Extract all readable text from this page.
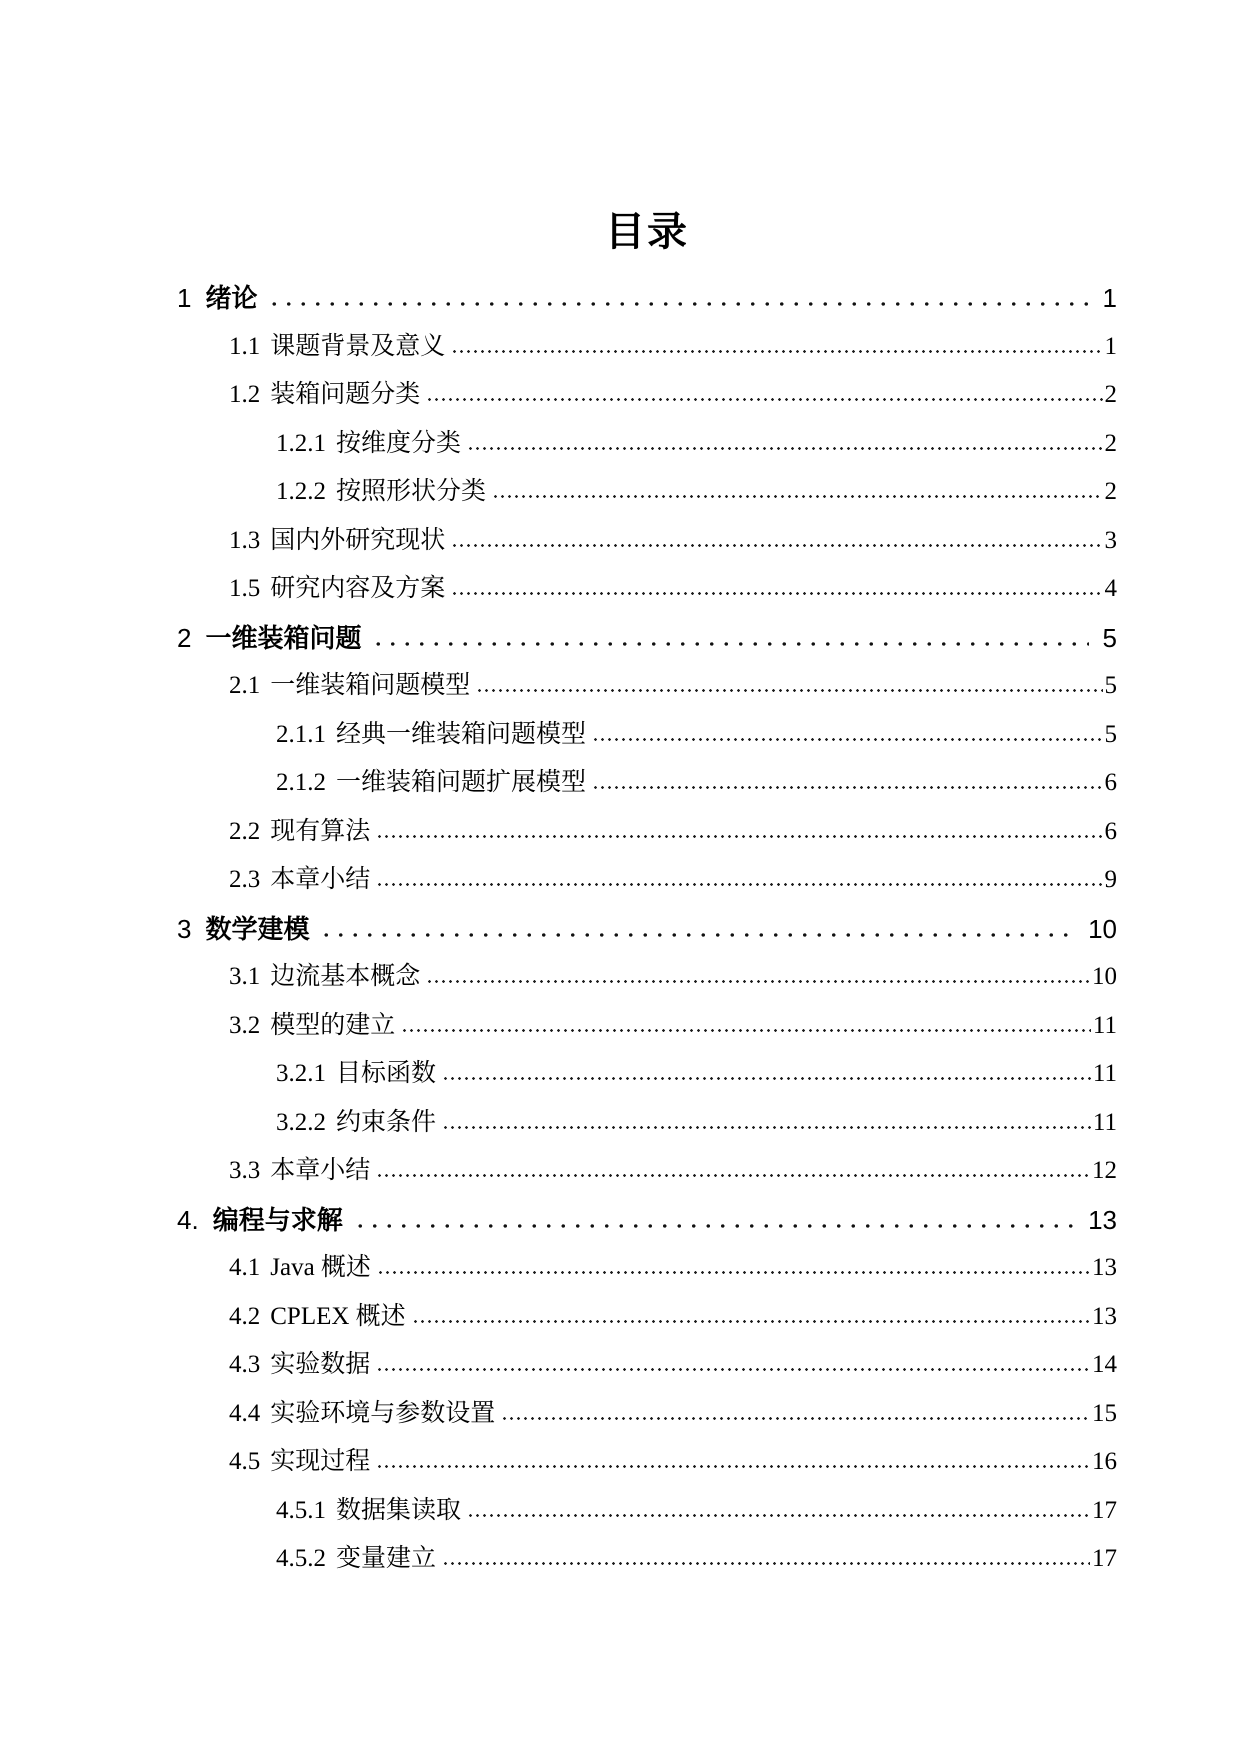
目录
1 绪论	1
1.1 课题背景及意义	1
1.2 装箱问题分类	2
1.2.1 按维度分类	2
1.2.2 按照形状分类	2
1.3 国内外研究现状	3
1.5 研究内容及方案	4
2 一维装箱问题	5
2.1 一维装箱问题模型	5
2.1.1 经典一维装箱问题模型	5
2.1.2 一维装箱问题扩展模型	6
2.2 现有算法	6
2.3 本章小结	9
3 数学建模	10
3.1 边流基本概念	10
3.2 模型的建立	11
3.2.1 目标函数	11
3.2.2 约束条件	11
3.3 本章小结	12
4. 编程与求解	13
4.1 Java 概述	13
4.2 CPLEX 概述	13
4.3 实验数据	14
4.4 实验环境与参数设置	15
4.5 实现过程	16
4.5.1 数据集读取	17
4.5.2 变量建立	17
